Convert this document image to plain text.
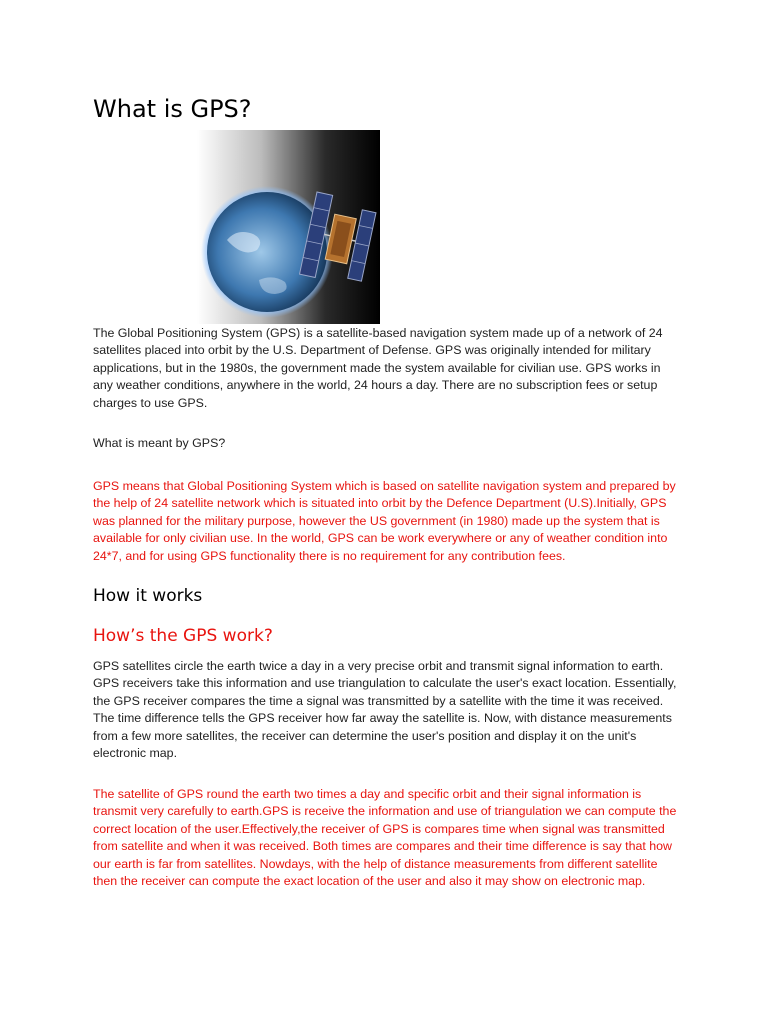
What is GPS?

The Global Positioning System (GPS) is a satellite-based navigation system made up of a network of 24 satellites placed into orbit by the U.S. Department of Defense. GPS was originally intended for military applications, but in the 1980s, the government made the system available for civilian use. GPS works in any weather conditions, anywhere in the world, 24 hours a day. There are no subscription fees or setup charges to use GPS.

What is meant by GPS?

GPS means that Global Positioning System which is based on satellite navigation system and prepared by the help of 24 satellite network which is situated into orbit by the Defence Department (U.S).Initially, GPS was planned for the military purpose, however the US government (in 1980) made up the system that is available for only civilian use. In the world, GPS can be work everywhere or any of weather condition into 24*7, and for using GPS functionality there is no requirement for any contribution fees.

How it works
How’s the GPS work?

GPS satellites circle the earth twice a day in a very precise orbit and transmit signal information to earth. GPS receivers take this information and use triangulation to calculate the user's exact location. Essentially, the GPS receiver compares the time a signal was transmitted by a satellite with the time it was received. The time difference tells the GPS receiver how far away the satellite is. Now, with distance measurements from a few more satellites, the receiver can determine the user's position and display it on the unit's electronic map.

The satellite of GPS round the earth two times a day and specific orbit and their signal information is transmit very carefully to earth.GPS is receive the information and use of triangulation we can compute the correct location of the user.Effectively,the receiver of GPS is compares time when signal was transmitted from satellite and when it was received. Both times are compares and their time difference is say that how our earth is far from satellites. Nowdays, with the help of distance measurements from different satellite then the receiver can compute the exact location of the user and also it may show on electronic map.
